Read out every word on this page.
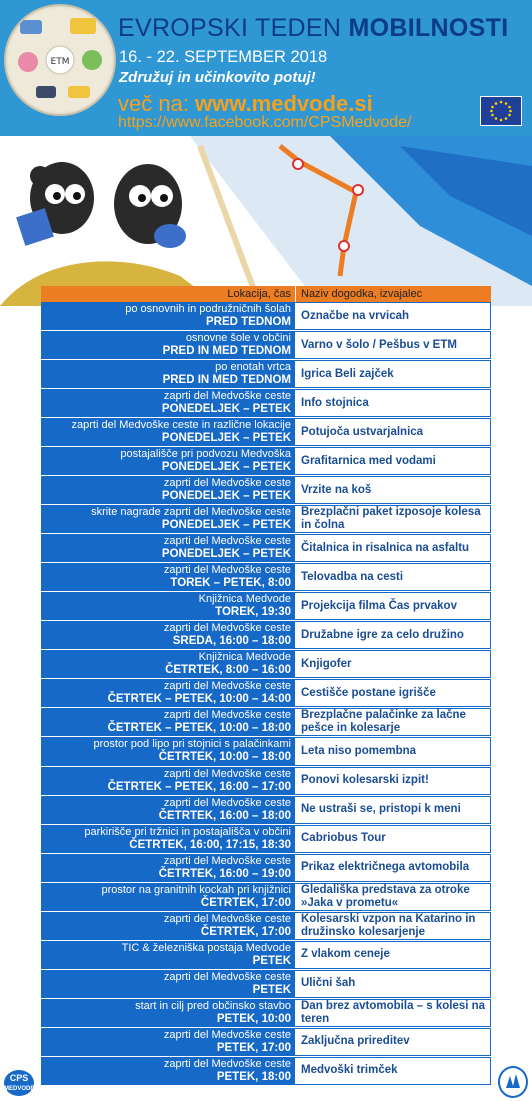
ETM
EVROPSKI TEDEN MOBILNOSTI
16. - 22. SEPTEMBER 2018
Združuj in učinkovito potuj!
več na: www.medvode.si
https://www.facebook.com/CPSMedvode/
Lokacija, čas Naziv dogodka, izvajalec
po osnovnih in podružničnih šolah
PRED TEDNOM
Označbe na vrvicah
osnovne šole v občini
PRED IN MED TEDNOM
Varno v šolo / Pešbus v ETM
po enotah vrtca
PRED IN MED TEDNOM
Igrica Beli zajček
zaprti del Medvoške ceste
PONEDELJEK – PETEK
Info stojnica
zaprti del Medvoške ceste in različne lokacije
PONEDELJEK – PETEK
Potujoča ustvarjalnica
postajališče pri podvozu Medvoška
PONEDELJEK – PETEK
Grafitarnica med vodami
zaprti del Medvoške ceste
PONEDELJEK – PETEK
Vrzite na koš
skrite nagrade zaprti del Medvoške ceste
PONEDELJEK – PETEK
Brezplačni paket izposoje kolesa in čolna
zaprti del Medvoške ceste
PONEDELJEK – PETEK
Čitalnica in risalnica na asfaltu
zaprti del Medvoške ceste
TOREK – PETEK, 8:00
Telovadba na cesti
Knjižnica Medvode
TOREK, 19:30
Projekcija filma Čas prvakov
zaprti del Medvoške ceste
SREDA, 16:00 – 18:00
Družabne igre za celo družino
Knjižnica Medvode
ČETRTEK, 8:00 – 16:00
Knjigofer
zaprti del Medvoške ceste
ČETRTEK – PETEK, 10:00 – 14:00
Cestišče postane igrišče
zaprti del Medvoške ceste
ČETRTEK – PETEK, 10:00 – 18:00
Brezplačne palačinke za lačne pešce in kolesarje
prostor pod lipo pri stojnici s palačinkami
ČETRTEK, 10:00 – 18:00
Leta niso pomembna
zaprti del Medvoške ceste
ČETRTEK – PETEK, 16:00 – 17:00
Ponovi kolesarski izpit!
zaprti del Medvoške ceste
ČETRTEK, 16:00 – 18:00
Ne ustraši se, pristopi k meni
parkirišče pri tržnici in postajališča v občini
ČETRTEK, 16:00, 17:15, 18:30
Cabriobus Tour
zaprti del Medvoške ceste
ČETRTEK, 16:00 – 19:00
Prikaz električnega avtomobila
prostor na granitnih kockah pri knjižnici
ČETRTEK, 17:00
Gledališka predstava za otroke »Jaka v prometu«
zaprti del Medvoške ceste
ČETRTEK, 17:00
Kolesarski vzpon na Katarino in družinsko kolesarjenje
TIC & železniška postaja Medvode
PETEK
Z vlakom ceneje
zaprti del Medvoške ceste
PETEK
Ulični šah
start in cilj pred občinsko stavbo
PETEK, 10:00
Dan brez avtomobila – s kolesi na teren
zaprti del Medvoške ceste
PETEK, 17:00
Zaključna prireditev
zaprti del Medvoške ceste
PETEK, 18:00
Medvoški trimček
CPS
MEDVODE
